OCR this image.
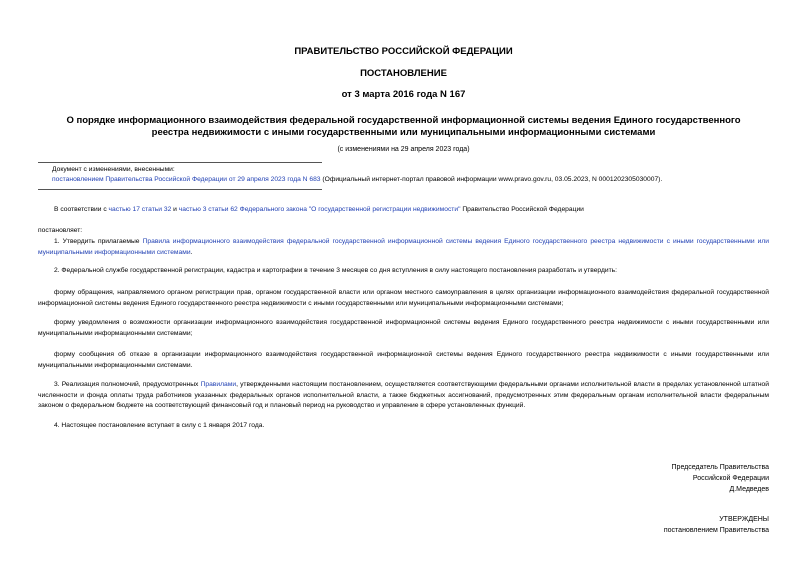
ПРАВИТЕЛЬСТВО РОССИЙСКОЙ ФЕДЕРАЦИИ
ПОСТАНОВЛЕНИЕ
от 3 марта 2016 года N 167
О порядке информационного взаимодействия федеральной государственной информационной системы ведения Единого государственного реестра недвижимости с иными государственными или муниципальными информационными системами
(с изменениями на 29 апреля 2023 года)
Документ с изменениями, внесенными:
постановлением Правительства Российской Федерации от 29 апреля 2023 года N 683 (Официальный интернет-портал правовой информации www.pravo.gov.ru, 03.05.2023, N 0001202305030007).
В соответствии с частью 17 статьи 32 и частью 3 статьи 62 Федерального закона "О государственной регистрации недвижимости" Правительство Российской Федерации
постановляет:
1. Утвердить прилагаемые Правила информационного взаимодействия федеральной государственной информационной системы ведения Единого государственного реестра недвижимости с иными государственными или муниципальными информационными системами.
2. Федеральной службе государственной регистрации, кадастра и картографии в течение 3 месяцев со дня вступления в силу настоящего постановления разработать и утвердить:
форму обращения, направляемого органом регистрации прав, органом государственной власти или органом местного самоуправления в целях организации информационного взаимодействия федеральной государственной информационной системы ведения Единого государственного реестра недвижимости с иными государственными или муниципальными информационными системами;
форму уведомления о возможности организации информационного взаимодействия государственной информационной системы ведения Единого государственного реестра недвижимости с иными государственными или муниципальными информационными системами;
форму сообщения об отказе в организации информационного взаимодействия государственной информационной системы ведения Единого государственного реестра недвижимости с иными государственными или муниципальными информационными системами.
3. Реализация полномочий, предусмотренных Правилами, утвержденными настоящим постановлением, осуществляется соответствующими федеральными органами исполнительной власти в пределах установленной штатной численности и фонда оплаты труда работников указанных федеральных органов исполнительной власти, а также бюджетных ассигнований, предусмотренных этим федеральным органам исполнительной власти федеральным законом о федеральном бюджете на соответствующий финансовый год и плановый период на руководство и управление в сфере установленных функций.
4. Настоящее постановление вступает в силу с 1 января 2017 года.
Председатель Правительства
Российской Федерации
Д.Медведев
УТВЕРЖДЕНЫ
постановлением Правительства
